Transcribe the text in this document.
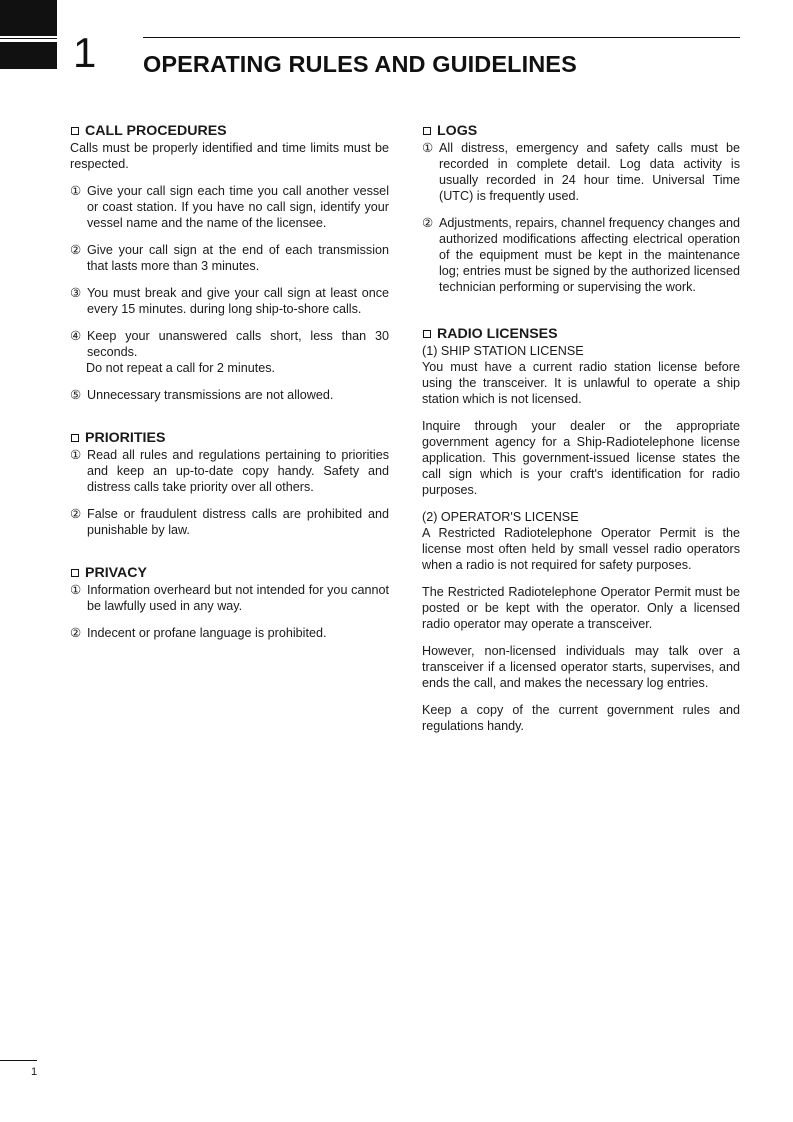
1 OPERATING RULES AND GUIDELINES
CALL PROCEDURES

Calls must be properly identified and time limits must be respected.

① Give your call sign each time you call another vessel or coast station. If you have no call sign, identify your vessel name and the name of the licensee.
② Give your call sign at the end of each transmission that lasts more than 3 minutes.
③ You must break and give your call sign at least once every 15 minutes. during long ship-to-shore calls.
④ Keep your unanswered calls short, less than 30 seconds.
Do not repeat a call for 2 minutes.
⑤ Unnecessary transmissions are not allowed.
PRIORITIES
① Read all rules and regulations pertaining to priorities and keep an up-to-date copy handy. Safety and distress calls take priority over all others.
② False or fraudulent distress calls are prohibited and punishable by law.
PRIVACY
① Information overheard but not intended for you cannot be lawfully used in any way.
② Indecent or profane language is prohibited.
LOGS
① All distress, emergency and safety calls must be recorded in complete detail. Log data activity is usually recorded in 24 hour time. Universal Time (UTC) is frequently used.
② Adjustments, repairs, channel frequency changes and authorized modifications affecting electrical operation of the equipment must be kept in the maintenance log; entries must be signed by the authorized licensed technician performing or supervising the work.
RADIO LICENSES

(1) SHIP STATION LICENSE

You must have a current radio station license before using the transceiver. It is unlawful to operate a ship station which is not licensed.

Inquire through your dealer or the appropriate government agency for a Ship-Radiotelephone license application. This government-issued license states the call sign which is your craft's identification for radio purposes.

(2) OPERATOR'S LICENSE

A Restricted Radiotelephone Operator Permit is the license most often held by small vessel radio operators when a radio is not required for safety purposes.

The Restricted Radiotelephone Operator Permit must be posted or be kept with the operator. Only a licensed radio operator may operate a transceiver.

However, non-licensed individuals may talk over a transceiver if a licensed operator starts, supervises, and ends the call, and makes the necessary log entries.

Keep a copy of the current government rules and regulations handy.

1
